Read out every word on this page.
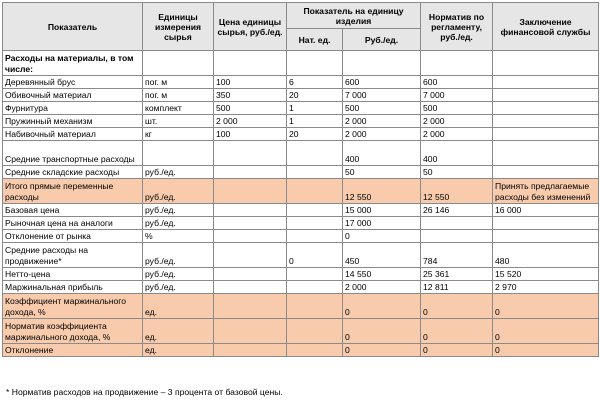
Показатель	Единицы измерения сырья	Цена единицы сырья, руб./ед.	Показатель на единицу изделия		Норматив по регламенту, руб./ед.	Заключение финансовой службы
			Нат. ед.	Руб./ед.		
Расходы на материалы, в том числе:						
Деревянный брус	пог. м	100	6	600	600	
Обивочный материал	пог. м	350	20	7 000	7 000	
Фурнитура	комплект	500	1	500	500	
Пружинный механизм	шт.	2 000	1	2 000	2 000	
Набивочный материал	кг	100	20	2 000	2 000	
Средние транспортные расходы				400	400	
Средние складские расходы	руб./ед.			50	50	
Итого прямые переменные расходы	руб./ед.			12 550	12 550	Принять предлагаемые расходы без изменений
Базовая цена	руб./ед.			15 000	26 146	16 000
Рыночная цена на аналоги	руб./ед.			17 000		
Отклонение от рынка	%			0		
Средние расходы на продвижение*	руб./ед.		0	450	784	480
Нетто-цена	руб./ед.			14 550	25 361	15 520
Маржинальная прибыль	руб./ед.			2 000	12 811	2 970
Коэффициент маржинального дохода, %	ед.			0	0	0
Норматив коэффициента маржинального дохода, %	ед.			0	0	0
Отклонение	ед.			0	0	0
* Норматив расходов на продвижение – 3 процента от базовой цены.
